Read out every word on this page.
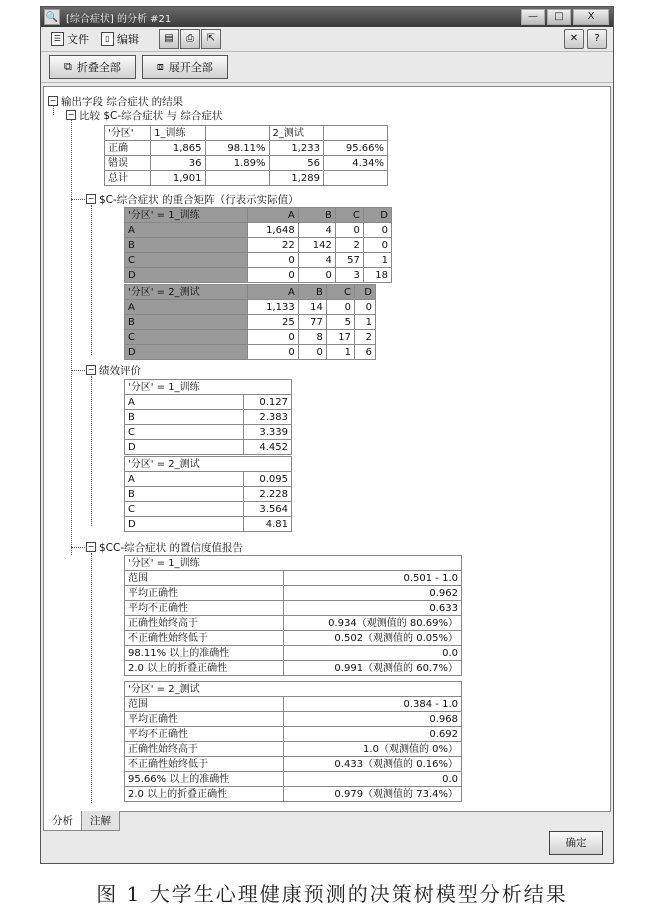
🔍 [综合症状] 的分析 #21	—	□	X
☰ 文件	▯ 编辑	▤	⎙	⇱	✕	?
⧉ 折叠全部	⧈ 展开全部
− 输出字段 综合症状 的结果
− 比较 $C-综合症状 与 综合症状
'分区'	1_训练		2_测试	
正确	1,865	98.11%	1,233	95.66%
错误	36	1.89%	56	4.34%
总计	1,901		1,289	
− $C-综合症状 的重合矩阵（行表示实际值）
'分区' = 1_训练	A	B	C	D
A	1,648	4	0	0
B	22	142	2	0
C	0	4	57	1
D	0	0	3	18
'分区' = 2_测试	A	B	C	D
A	1,133	14	0	0
B	25	77	5	1
C	0	8	17	2
D	0	0	1	6
− 绩效评价
'分区' = 1_训练	
A	0.127
B	2.383
C	3.339
D	4.452
'分区' = 2_测试	
A	0.095
B	2.228
C	3.564
D	4.81
− $CC-综合症状 的置信度值报告
'分区' = 1_训练	
范围	0.501 - 1.0
平均正确性	0.962
平均不正确性	0.633
正确性始终高于	0.934（观测值的 80.69%）
不正确性始终低于	0.502（观测值的 0.05%）
98.11% 以上的准确性	0.0
2.0 以上的折叠正确性	0.991（观测值的 60.7%）
'分区' = 2_测试	
范围	0.384 - 1.0
平均正确性	0.968
平均不正确性	0.692
正确性始终高于	1.0（观测值的 0%）
不正确性始终低于	0.433（观测值的 0.16%）
95.66% 以上的准确性	0.0
2.0 以上的折叠正确性	0.979（观测值的 73.4%）
分析	注解
确定
图 1 大学生心理健康预测的决策树模型分析结果
